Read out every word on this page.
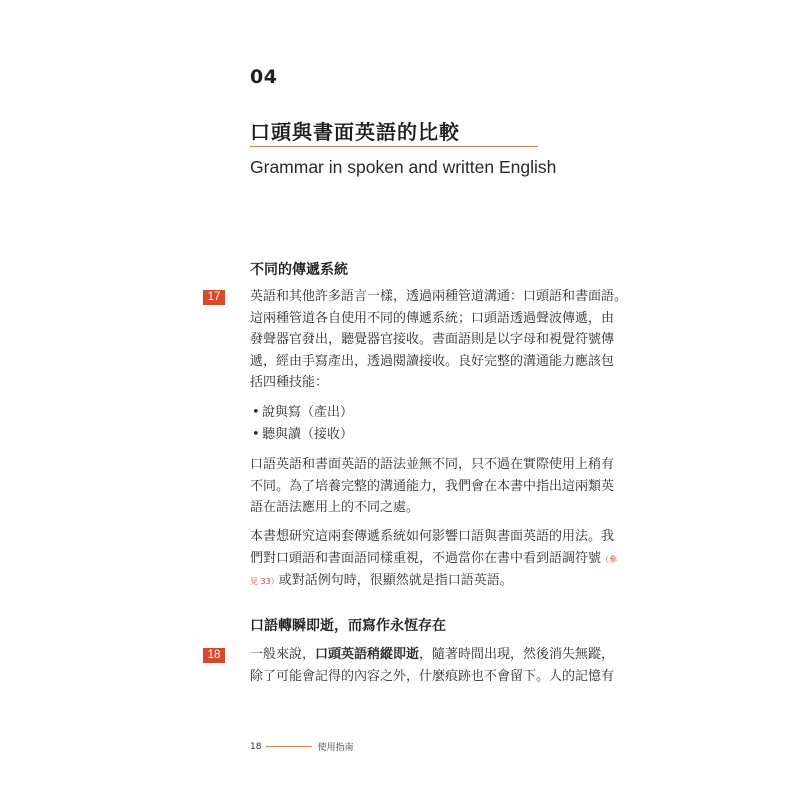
04
口頭與書面英語的比較
Grammar in spoken and written English
不同的傳遞系統
17	英語和其他許多語言一樣，透過兩種管道溝通：口頭語和書面語。
這兩種管道各自使用不同的傳遞系統；口頭語透過聲波傳遞，由
發聲器官發出，聽覺器官接收。書面語則是以字母和視覺符號傳
遞，經由手寫產出，透過閱讀接收。良好完整的溝通能力應該包
括四種技能：

• 說與寫（產出）
• 聽與讀（接收）

口語英語和書面英語的語法並無不同，只不過在實際使用上稍有
不同。為了培養完整的溝通能力，我們會在本書中指出這兩類英
語在語法應用上的不同之處。

本書想研究這兩套傳遞系統如何影響口語與書面英語的用法。我
們對口頭語和書面語同樣重視，不過當你在書中看到語調符號（參
見 33）或對話例句時，很顯然就是指口語英語。

口語轉瞬即逝，而寫作永恆存在
18	一般來說，口頭英語稍縱即逝，隨著時間出現，然後消失無蹤，
除了可能會記得的內容之外，什麼痕跡也不會留下。人的記憶有

18	使用指南
